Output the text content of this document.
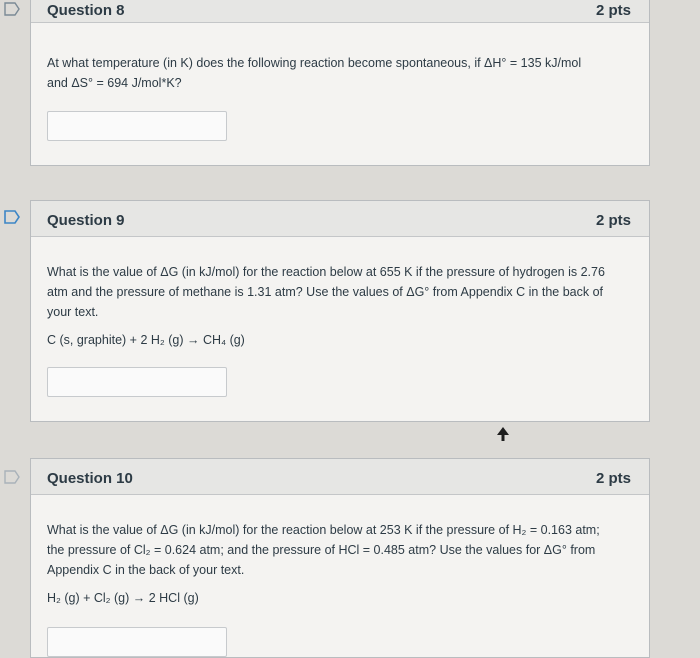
Question 8	2 pts
At what temperature (in K) does the following reaction become spontaneous, if ΔH° = 135 kJ/mol
and ΔS° = 694 J/mol*K?
Question 9	2 pts
What is the value of ΔG (in kJ/mol) for the reaction below at 655 K if the pressure of hydrogen is 2.76
atm and the pressure of methane is 1.31 atm? Use the values of ΔG° from Appendix C in the back of
your text.
C (s, graphite) + 2 H₂ (g) → CH₄ (g)
Question 10	2 pts
What is the value of ΔG (in kJ/mol) for the reaction below at 253 K if the pressure of H₂ = 0.163 atm;
the pressure of Cl₂ = 0.624 atm; and the pressure of HCl = 0.485 atm? Use the values for ΔG° from
Appendix C in the back of your text.
H₂ (g) + Cl₂ (g) → 2 HCl (g)
